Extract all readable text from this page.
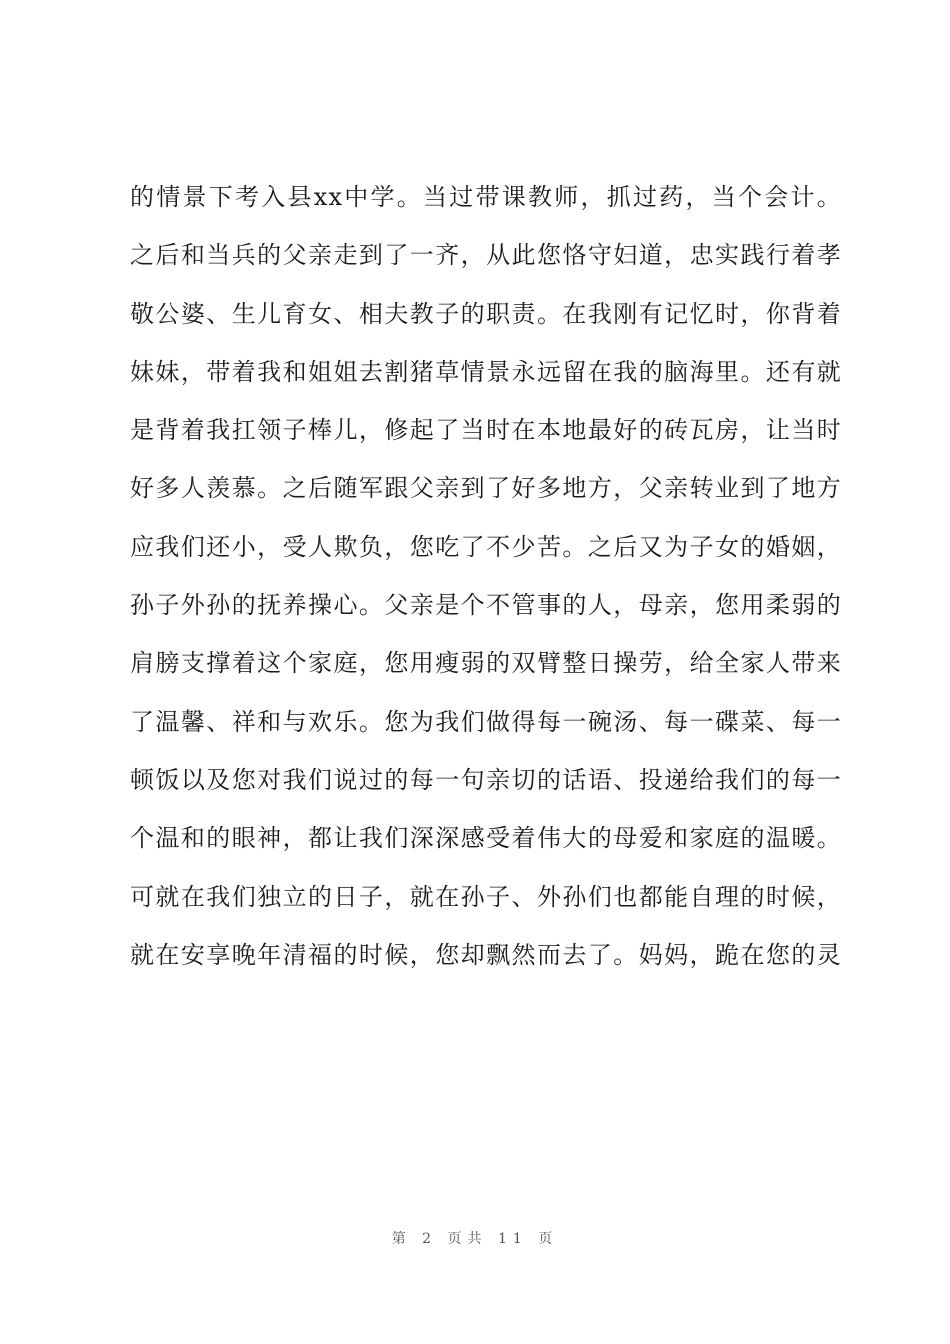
的情景下考入县xx中学。当过带课教师，抓过药，当个会计。
之后和当兵的父亲走到了一齐，从此您恪守妇道，忠实践行着孝
敬公婆、生儿育女、相夫教子的职责。在我刚有记忆时，你背着
妹妹，带着我和姐姐去割猪草情景永远留在我的脑海里。还有就
是背着我扛领子棒儿，修起了当时在本地最好的砖瓦房，让当时
好多人羡慕。之后随军跟父亲到了好多地方，父亲转业到了地方
应我们还小，受人欺负，您吃了不少苦。之后又为子女的婚姻，
孙子外孙的抚养操心。父亲是个不管事的人，母亲，您用柔弱的
肩膀支撑着这个家庭，您用瘦弱的双臂整日操劳，给全家人带来
了温馨、祥和与欢乐。您为我们做得每一碗汤、每一碟菜、每一
顿饭以及您对我们说过的每一句亲切的话语、投递给我们的每一
个温和的眼神，都让我们深深感受着伟大的母爱和家庭的温暖。
可就在我们独立的日子，就在孙子、外孙们也都能自理的时候，
就在安享晚年清福的时候，您却飘然而去了。妈妈，跪在您的灵
第 2 页共 11 页
